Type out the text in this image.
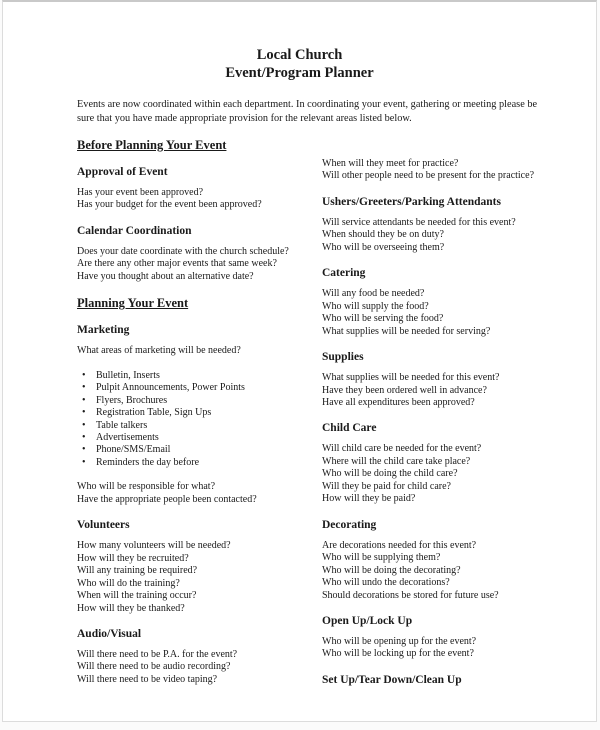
Local Church
Event/Program Planner
Events are now coordinated within each department. In coordinating your event, gathering or meeting please be sure that you have made appropriate provision for the relevant areas listed below.
Before Planning Your Event
Approval of Event
Has your event been approved?
Has your budget for the event been approved?
Calendar Coordination
Does your date coordinate with the church schedule?
Are there any other major events that same week?
Have you thought about an alternative date?
Planning Your Event
Marketing
What areas of marketing will be needed?
• Bulletin, Inserts
• Pulpit Announcements, Power Points
• Flyers, Brochures
• Registration Table, Sign Ups
• Table talkers
• Advertisements
• Phone/SMS/Email
• Reminders the day before
Who will be responsible for what?
Have the appropriate people been contacted?
Volunteers
How many volunteers will be needed?
How will they be recruited?
Will any training be required?
Who will do the training?
When will the training occur?
How will they be thanked?
Audio/Visual
Will there need to be P.A. for the event?
Will there need to be audio recording?
Will there need to be video taping?
When will they meet for practice?
Will other people need to be present for the practice?
Ushers/Greeters/Parking Attendants
Will service attendants be needed for this event?
When should they be on duty?
Who will be overseeing them?
Catering
Will any food be needed?
Who will supply the food?
Who will be serving the food?
What supplies will be needed for serving?
Supplies
What supplies will be needed for this event?
Have they been ordered well in advance?
Have all expenditures been approved?
Child Care
Will child care be needed for the event?
Where will the child care take place?
Who will be doing the child care?
Will they be paid for child care?
How will they be paid?
Decorating
Are decorations needed for this event?
Who will be supplying them?
Who will be doing the decorating?
Who will undo the decorations?
Should decorations be stored for future use?
Open Up/Lock Up
Who will be opening up for the event?
Who will be locking up for the event?
Set Up/Tear Down/Clean Up
